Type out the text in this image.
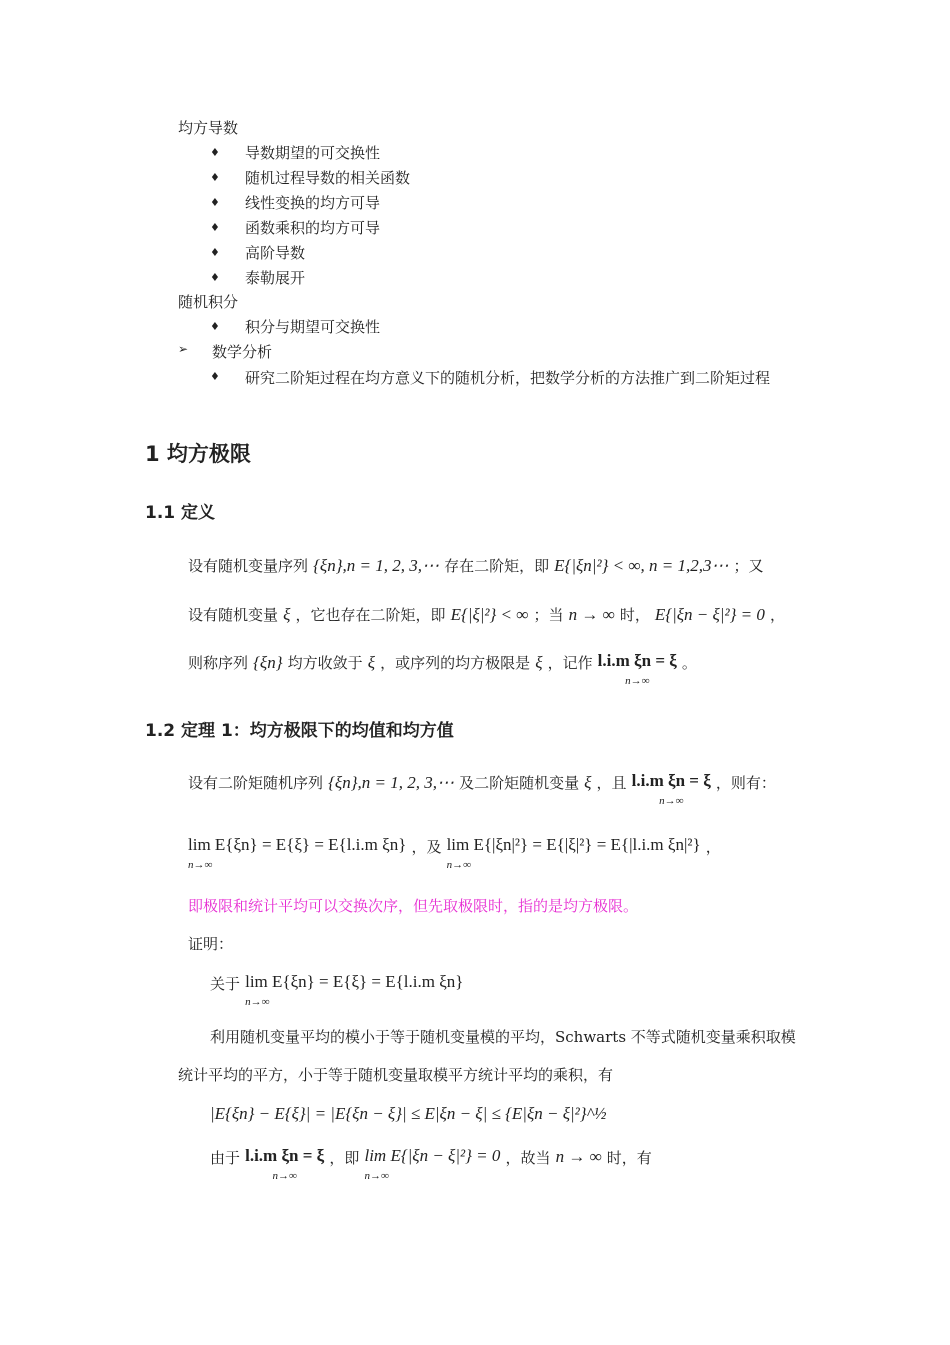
均方导数
♦ 导数期望的可交换性
♦ 随机过程导数的相关函数
♦ 线性变换的均方可导
♦ 函数乘积的均方可导
♦ 高阶导数
♦ 泰勒展开
随机积分
♦ 积分与期望可交换性
➢ 数学分析
♦ 研究二阶矩过程在均方意义下的随机分析，把数学分析的方法推广到二阶矩过程
1 均方极限
1.1 定义
设有随机变量序列 {ξn},n = 1, 2, 3,⋯ 存在二阶矩，即 E{|ξn|²} < ∞, n = 1,2,3⋯ ；又
设有随机变量 ξ ，它也存在二阶矩，即 E{|ξ|²} < ∞ ；当 n → ∞ 时， E{|ξn − ξ|²} = 0 ，
则称序列 {ξn} 均方收敛于 ξ ，或序列的均方极限是 ξ ，记作 l.i.m ξn = ξ
n→∞ 。
1.2 定理 1：均方极限下的均值和均方值
设有二阶矩随机序列 {ξn},n = 1, 2, 3,⋯ 及二阶矩随机变量 ξ ，且 l.i.m ξn = ξ
n→∞ ，则有：
lim E{ξn} = E{ξ} = E{l.i.m ξn}
n→∞ ，及 lim E{|ξn|²} = E{|ξ|²} = E{|l.i.m ξn|²}
n→∞ ，
即极限和统计平均可以交换次序，但先取极限时，指的是均方极限。
证明：
关于 lim E{ξn} = E{ξ} = E{l.i.m ξn}
n→∞
利用随机变量平均的模小于等于随机变量模的平均，Schwarts 不等式随机变量乘积取模统计平均的平方，小于等于随机变量取模平方统计平均的乘积，有
|E{ξn} − E{ξ}| = |E{ξn − ξ}| ≤ E|ξn − ξ| ≤ {E|ξn − ξ|²}^½
由于 l.i.m ξn = ξ
n→∞ ，即 lim E{|ξn − ξ|²} = 0
n→∞ ，故当 n → ∞ 时，有
